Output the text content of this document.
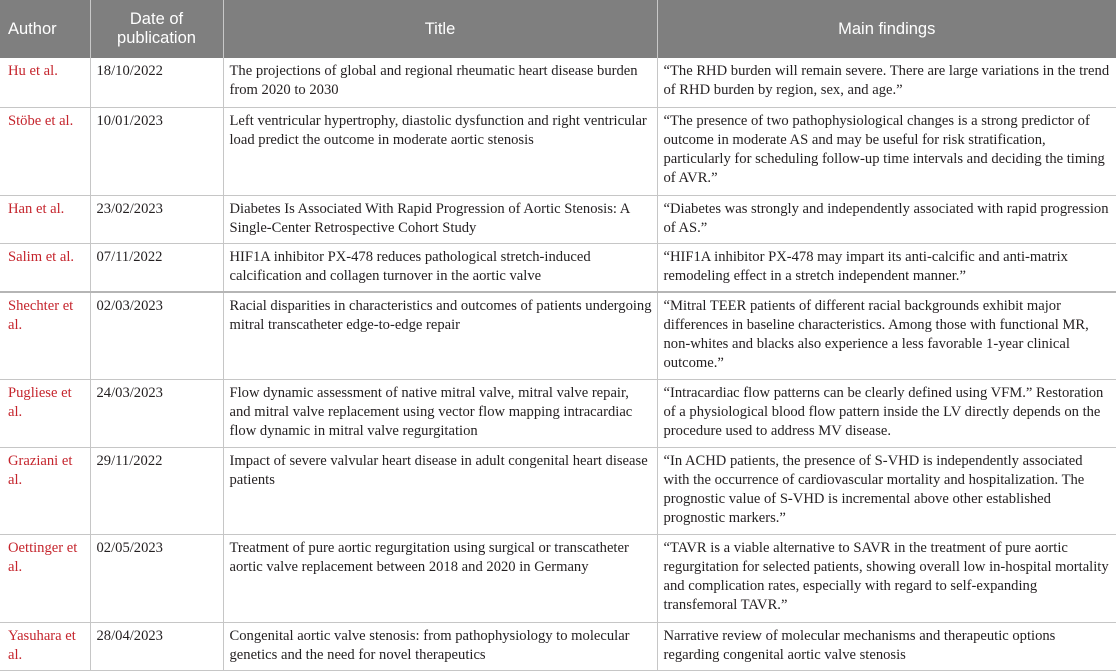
Author	Date of publication	Title	Main findings
Hu et al.	18/10/2022	The projections of global and regional rheumatic heart disease burden from 2020 to 2030	“The RHD burden will remain severe. There are large variations in the trend of RHD burden by region, sex, and age.”
Stöbe et al.	10/01/2023	Left ventricular hypertrophy, diastolic dysfunction and right ventricular load predict the outcome in moderate aortic stenosis	“The presence of two pathophysiological changes is a strong predictor of outcome in moderate AS and may be useful for risk stratification, particularly for scheduling follow-up time intervals and deciding the timing of AVR.”
Han et al.	23/02/2023	Diabetes Is Associated With Rapid Progression of Aortic Stenosis: A Single-Center Retrospective Cohort Study	“Diabetes was strongly and independently associated with rapid progression of AS.”
Salim et al.	07/11/2022	HIF1A inhibitor PX-478 reduces pathological stretch-induced calcification and collagen turnover in the aortic valve	“HIF1A inhibitor PX-478 may impart its anti-calcific and anti-matrix remodeling effect in a stretch independent manner.”
Shechter et al.	02/03/2023	Racial disparities in characteristics and outcomes of patients undergoing mitral transcatheter edge-to-edge repair	“Mitral TEER patients of different racial backgrounds exhibit major differences in baseline characteristics. Among those with functional MR, non-whites and blacks also experience a less favorable 1-year clinical outcome.”
Pugliese et al.	24/03/2023	Flow dynamic assessment of native mitral valve, mitral valve repair, and mitral valve replacement using vector flow mapping intracardiac flow dynamic in mitral valve regurgitation	“Intracardiac flow patterns can be clearly defined using VFM.” Restoration of a physiological blood flow pattern inside the LV directly depends on the procedure used to address MV disease.
Graziani et al.	29/11/2022	Impact of severe valvular heart disease in adult congenital heart disease patients	“In ACHD patients, the presence of S-VHD is independently associated with the occurrence of cardiovascular mortality and hospitalization. The prognostic value of S-VHD is incremental above other established prognostic markers.”
Oettinger et al.	02/05/2023	Treatment of pure aortic regurgitation using surgical or transcatheter aortic valve replacement between 2018 and 2020 in Germany	“TAVR is a viable alternative to SAVR in the treatment of pure aortic regurgitation for selected patients, showing overall low in-hospital mortality and complication rates, especially with regard to self-expanding transfemoral TAVR.”
Yasuhara et al.	28/04/2023	Congenital aortic valve stenosis: from pathophysiology to molecular genetics and the need for novel therapeutics	Narrative review of molecular mechanisms and therapeutic options regarding congenital aortic valve stenosis
